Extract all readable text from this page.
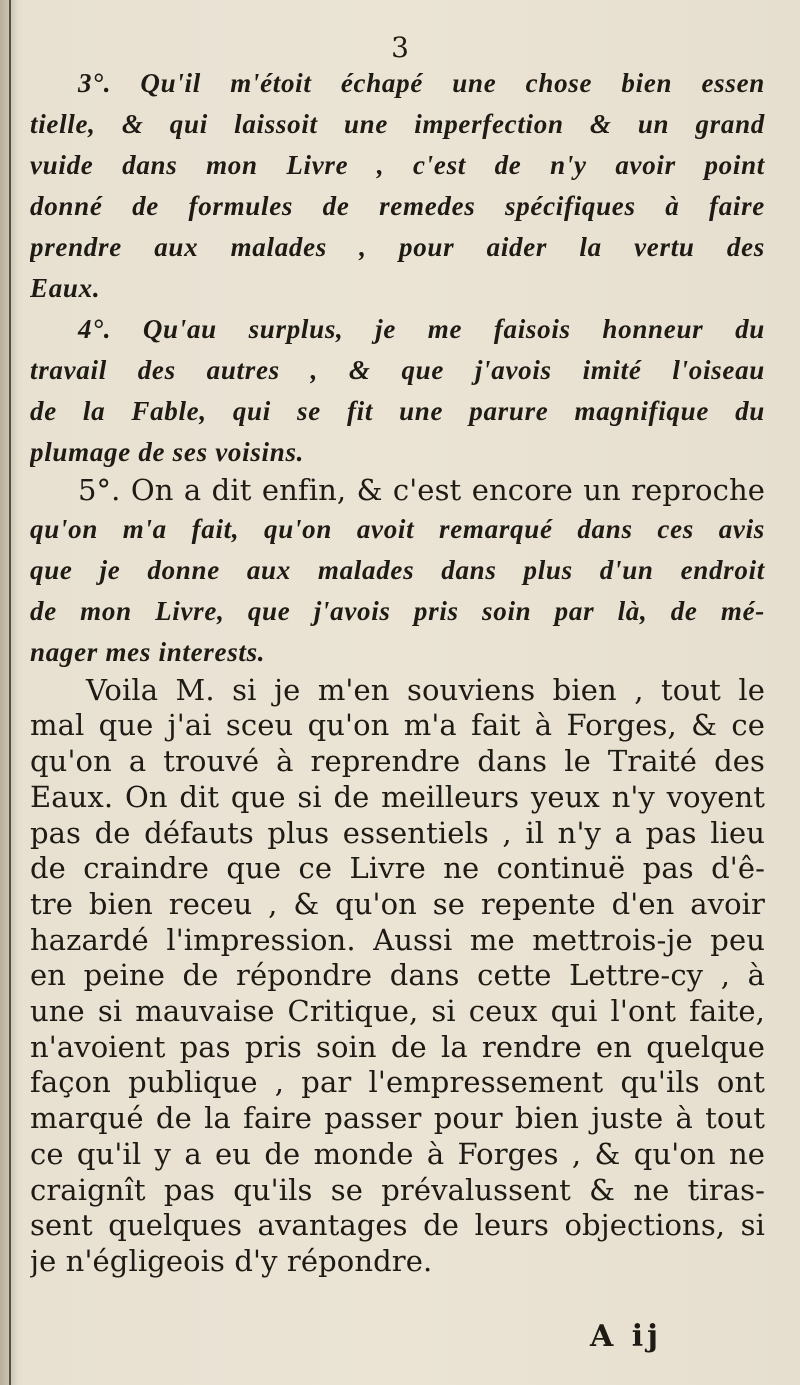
3
3°. Qu'il m'étoit échapé une chose bien essen
tielle, & qui laissoit une imperfection & un grand
vuide dans mon Livre , c'est de n'y avoir point
donné de formules de remedes spécifiques à faire
prendre aux malades , pour aider la vertu des
Eaux.
4°. Qu'au surplus, je me faisois honneur du
travail des autres , & que j'avois imité l'oiseau
de la Fable, qui se fit une parure magnifique du
plumage de ses voisins.
5°. On a dit enfin, & c'est encore un reproche
qu'on m'a fait, qu'on avoit remarqué dans ces avis
que je donne aux malades dans plus d'un endroit
de mon Livre, que j'avois pris soin par là, de mé-
nager mes interests.
Voila M. si je m'en souviens bien , tout le
mal que j'ai sceu qu'on m'a fait à Forges, & ce
qu'on a trouvé à reprendre dans le Traité des
Eaux. On dit que si de meilleurs yeux n'y voyent
pas de défauts plus essentiels , il n'y a pas lieu
de craindre que ce Livre ne continuë pas d'ê-
tre bien receu , & qu'on se repente d'en avoir
hazardé l'impression. Aussi me mettrois-je peu
en peine de répondre dans cette Lettre-cy , à
une si mauvaise Critique, si ceux qui l'ont faite,
n'avoient pas pris soin de la rendre en quelque
façon publique , par l'empressement qu'ils ont
marqué de la faire passer pour bien juste à tout
ce qu'il y a eu de monde à Forges , & qu'on ne
craignît pas qu'ils se prévalussent & ne tiras-
sent quelques avantages de leurs objections, si
je n'égligeois d'y répondre.
A ij
